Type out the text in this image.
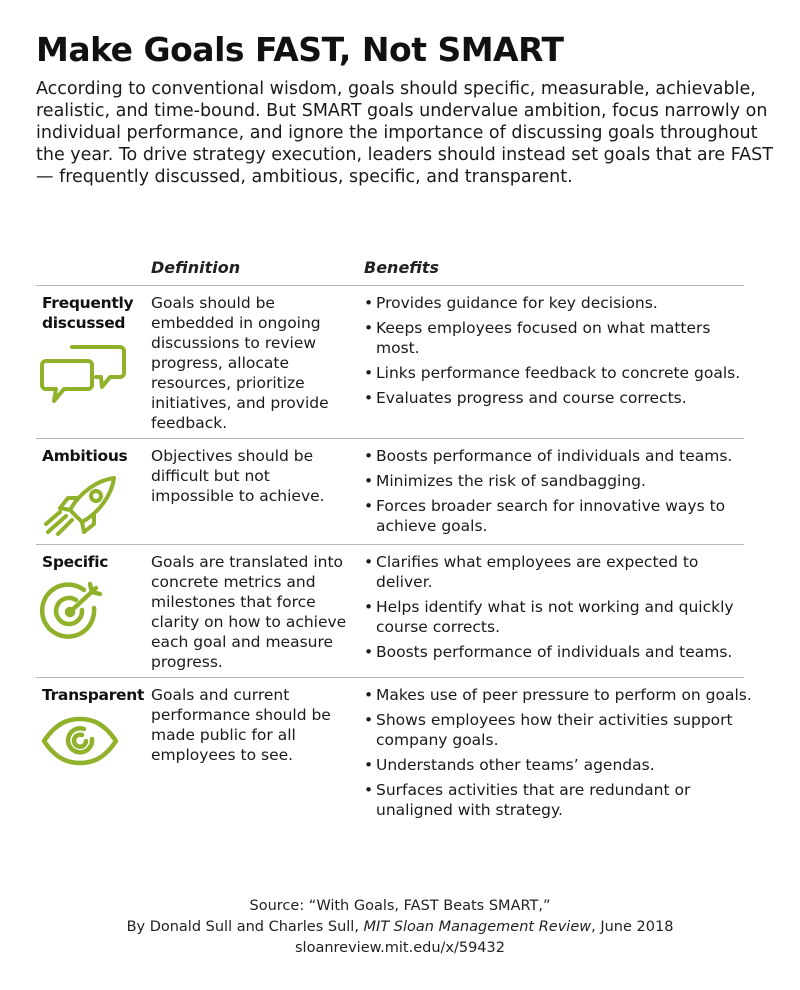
Make Goals FAST, Not SMART

According to conventional wisdom, goals should specific, measurable, achievable, realistic, and time-bound. But SMART goals undervalue ambition, focus narrowly on individual performance, and ignore the importance of discussing goals throughout the year. To drive strategy execution, leaders should instead set goals that are FAST — frequently discussed, ambitious, specific, and transparent.

Definition	Benefits
Frequently discussed
Goals should be embedded in ongoing discussions to review progress, allocate resources, prioritize initiatives, and provide feedback.
• Provides guidance for key decisions.
• Keeps employees focused on what matters most.
• Links performance feedback to concrete goals.
• Evaluates progress and course corrects.
Ambitious Objectives should be difficult but not impossible to achieve.
• Boosts performance of individuals and teams.
• Minimizes the risk of sandbagging.
• Forces broader search for innovative ways to achieve goals.
Specific	Goals are translated into concrete metrics and milestones that force clarity on how to achieve each goal and measure progress.
• Clarifies what employees are expected to deliver.
• Helps identify what is not working and quickly course corrects.
• Boosts performance of individuals and teams.
Transparent Goals and current performance should be made public for all employees to see.
• Makes use of peer pressure to perform on goals.
• Shows employees how their activities support company goals.
• Understands other teams’ agendas.
• Surfaces activities that are redundant or unaligned with strategy.
Source: “With Goals, FAST Beats SMART,”
By Donald Sull and Charles Sull, MIT Sloan Management Review, June 2018
sloanreview.mit.edu/x/59432
